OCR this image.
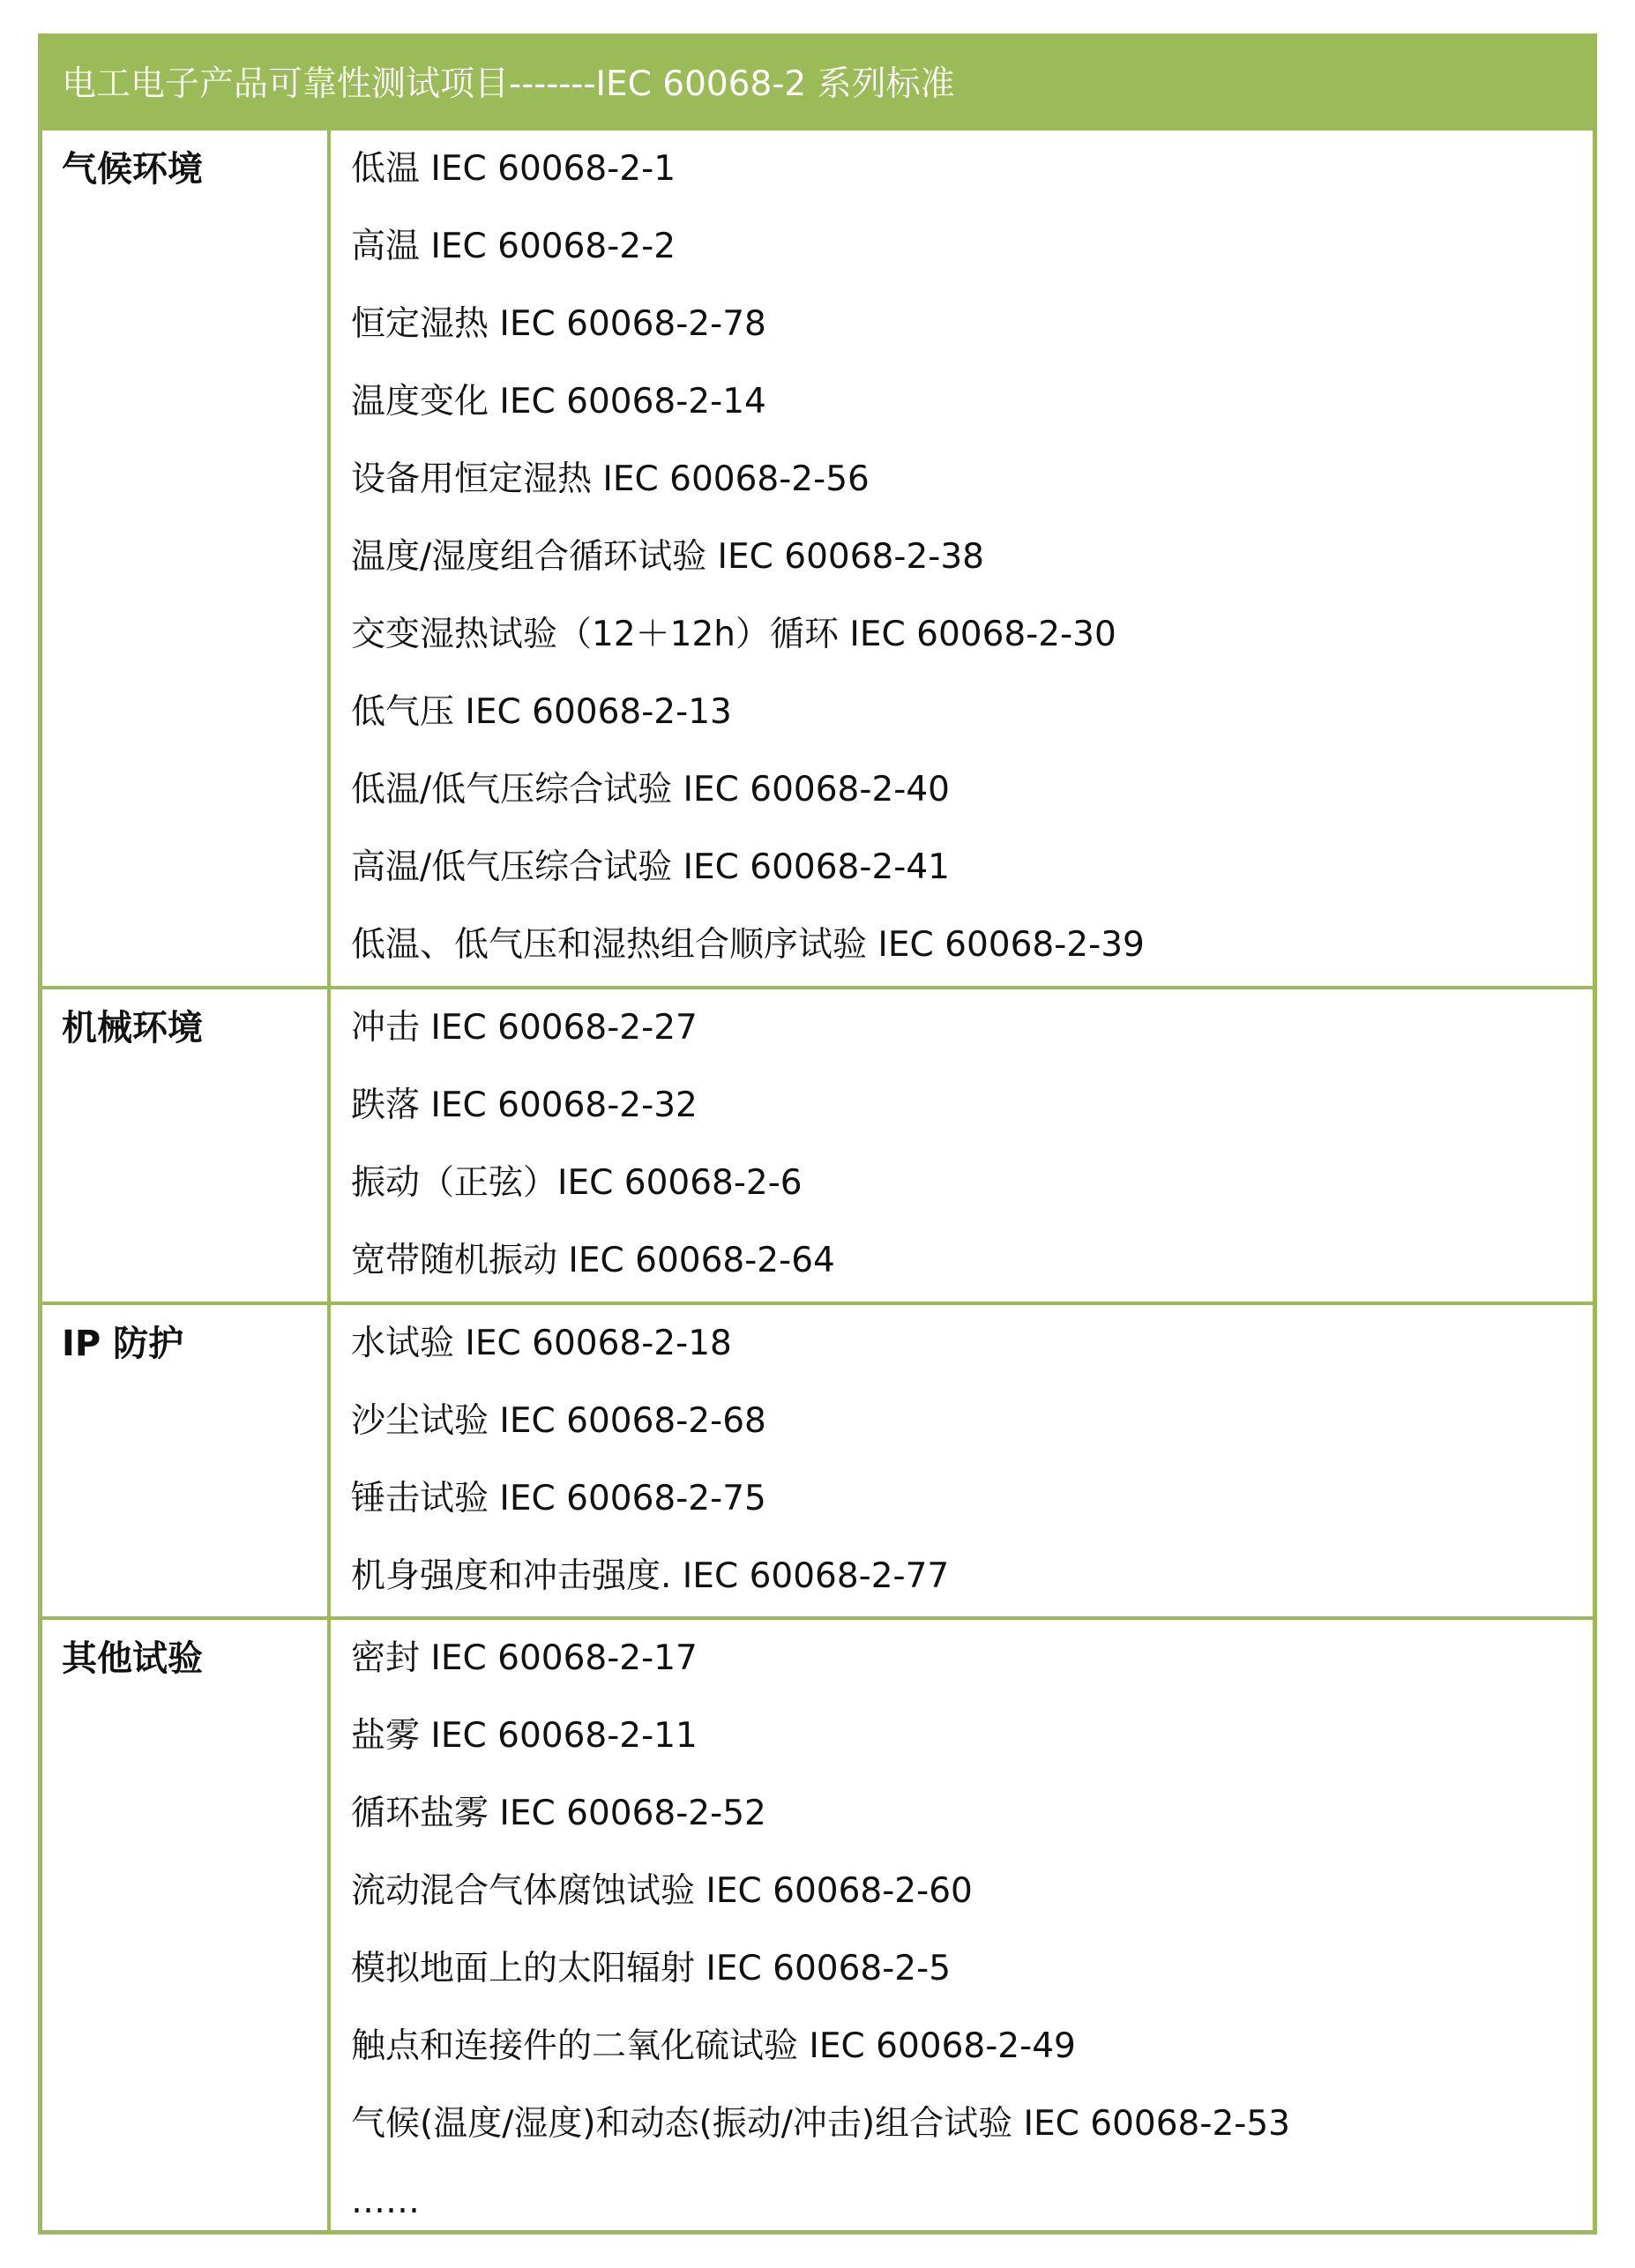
电工电子产品可靠性测试项目-------IEC 60068-2 系列标准
气候环境	低温 IEC 60068-2-1
高温 IEC 60068-2-2
恒定湿热 IEC 60068-2-78
温度变化 IEC 60068-2-14
设备用恒定湿热 IEC 60068-2-56
温度/湿度组合循环试验 IEC 60068-2-38
交变湿热试验（12＋12h）循环 IEC 60068-2-30
低气压 IEC 60068-2-13
低温/低气压综合试验 IEC 60068-2-40
高温/低气压综合试验 IEC 60068-2-41
低温、低气压和湿热组合顺序试验 IEC 60068-2-39
机械环境	冲击 IEC 60068-2-27
跌落 IEC 60068-2-32
振动（正弦）IEC 60068-2-6
宽带随机振动 IEC 60068-2-64
IP 防护	水试验 IEC 60068-2-18
沙尘试验 IEC 60068-2-68
锤击试验 IEC 60068-2-75
机身强度和冲击强度. IEC 60068-2-77
其他试验	密封 IEC 60068-2-17
盐雾 IEC 60068-2-11
循环盐雾 IEC 60068-2-52
流动混合气体腐蚀试验 IEC 60068-2-60
模拟地面上的太阳辐射 IEC 60068-2-5
触点和连接件的二氧化硫试验 IEC 60068-2-49
气候(温度/湿度)和动态(振动/冲击)组合试验 IEC 60068-2-53
……
